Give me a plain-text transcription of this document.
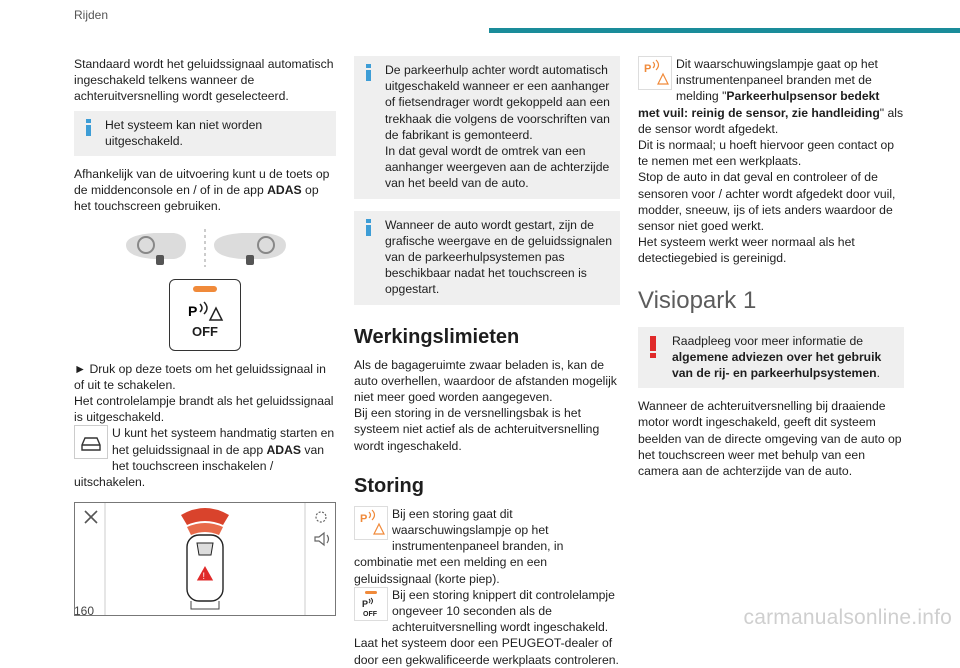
Rijden

Standaard wordt het geluidssignaal automatisch ingeschakeld telkens wanneer de achteruitversnelling wordt geselecteerd.

Het systeem kan niet worden uitgeschakeld.

Afhankelijk van de uitvoering kunt u de toets op de middenconsole en / of in de app ADAS op het touchscreen gebruiken.

P
OFF

► Druk op deze toets om het geluidssignaal in of uit te schakelen.

Het controlelampje brandt als het geluidssignaal is uitgeschakeld.

U kunt het systeem handmatig starten en het geluidssignaal in de app ADAS van het touchscreen inschakelen / uitschakelen.
!
De parkeerhulp achter wordt automatisch uitgeschakeld wanneer er een aanhanger of fietsendrager wordt gekoppeld aan een trekhaak die volgens de voorschriften van de fabrikant is gemonteerd.
In dat geval wordt de omtrek van een aanhanger weergeven aan de achterzijde van het beeld van de auto.
Wanneer de auto wordt gestart, zijn de grafische weergave en de geluidssignalen van de parkeerhulpsystemen pas beschikbaar nadat het touchscreen is opgestart.
Werkingslimieten

Als de bagageruimte zwaar beladen is, kan de auto overhellen, waardoor de afstanden mogelijk niet meer goed worden aangegeven.

Bij een storing in de versnellingsbak is het systeem niet actief als de achteruitversnelling wordt ingeschakeld.

Storing
P Bij een storing gaat dit waarschuwingslampje op het instrumentenpaneel branden, in combinatie met een melding en een geluidssignaal (korte piep).
P
OFF
Bij een storing knippert dit controlelampje ongeveer 10 seconden als de achteruitversnelling wordt ingeschakeld.

Laat het systeem door een PEUGEOT-dealer of door een gekwalificeerde werkplaats controleren.

P Dit waarschuwingslampje gaat op het instrumentenpaneel branden met de melding "Parkeerhulpsensor bedekt met vuil: reinig de sensor, zie handleiding" als de sensor wordt afgedekt.

Dit is normaal; u hoeft hiervoor geen contact op te nemen met een werkplaats.

Stop de auto in dat geval en controleer of de sensoren voor / achter wordt afgedekt door vuil, modder, sneeuw, ijs of iets anders waardoor de sensor niet goed werkt.

Het systeem werkt weer normaal als het detectiegebied is gereinigd.

Visiopark 1
Raadpleeg voor meer informatie de algemene adviezen over het gebruik van de rij- en parkeerhulpsystemen.

Wanneer de achteruitversnelling bij draaiende motor wordt ingeschakeld, geeft dit systeem beelden van de directe omgeving van de auto op het touchscreen weer met behulp van een camera aan de achterzijde van de auto.

160	carmanualsonline.info
